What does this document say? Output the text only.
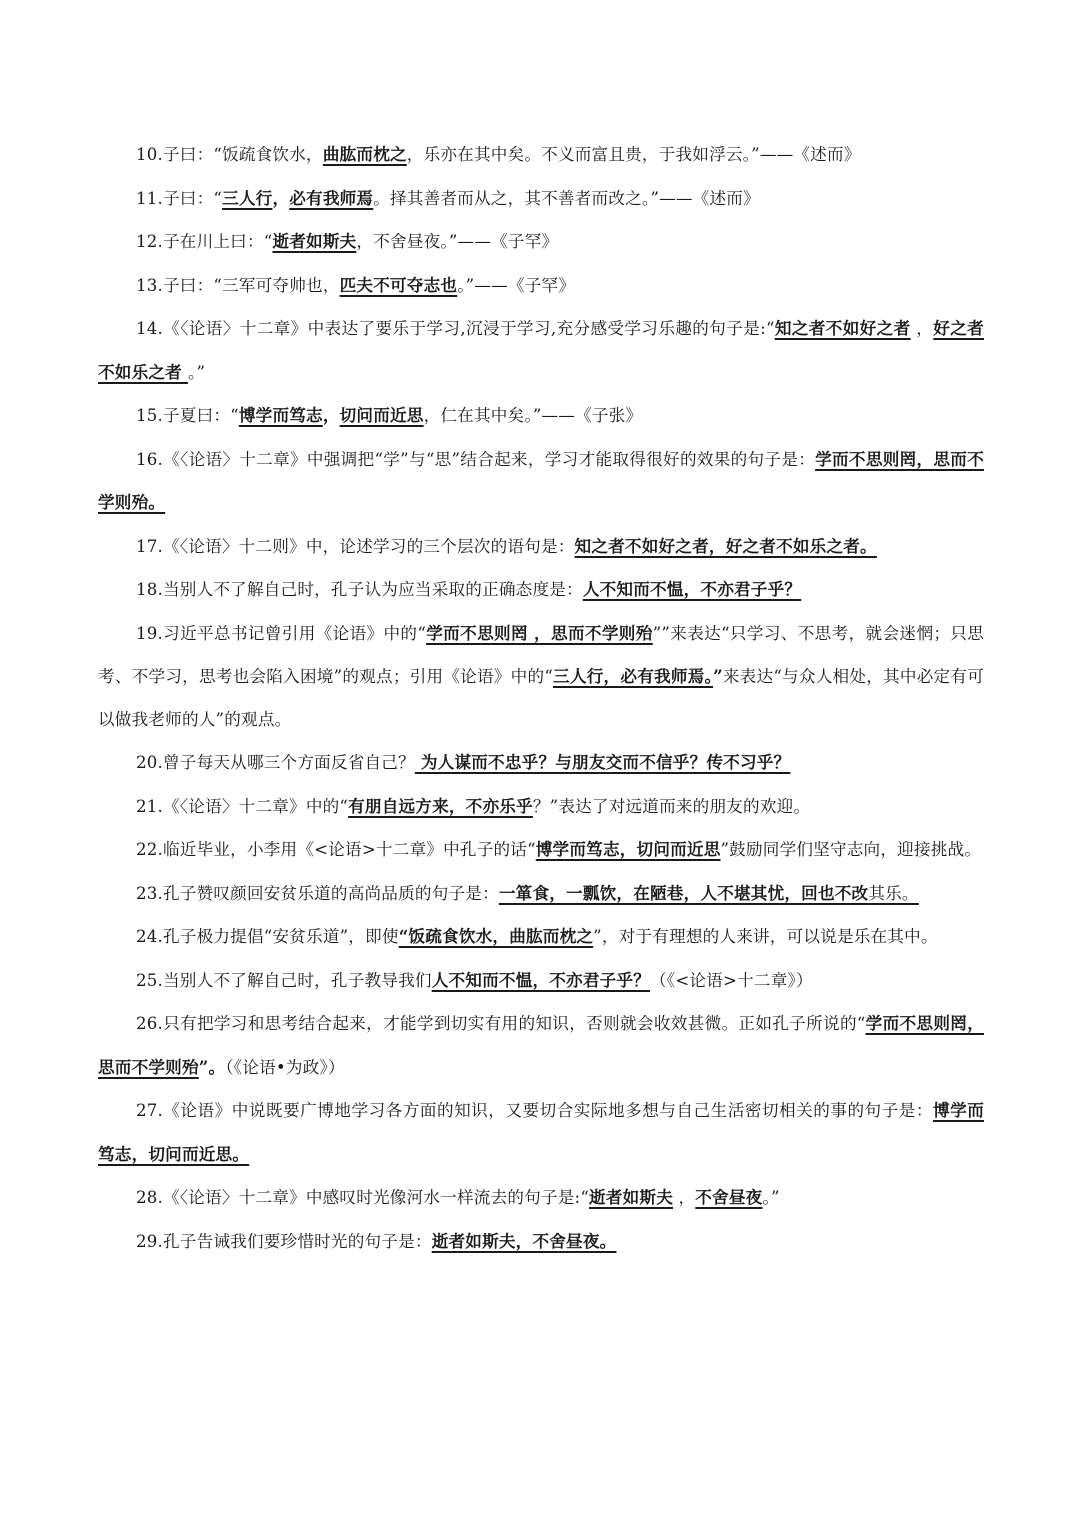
10.子曰：“饭疏食饮水，曲肱而枕之，乐亦在其中矣。不义而富且贵，于我如浮云。”——《述而》

11.子曰：“三人行，必有我师焉。择其善者而从之，其不善者而改之。”——《述而》

12.子在川上曰：“逝者如斯夫，不舍昼夜。”——《子罕》

13.子曰：“三军可夺帅也，匹夫不可夺志也。”——《子罕》

14.《〈论语〉十二章》中表达了要乐于学习,沉浸于学习,充分感受学习乐趣的句子是:“知之者不如好之者 ，好之者不如乐之者 。”

15.子夏曰：“博学而笃志，切问而近思，仁在其中矣。”——《子张》

16.《〈论语〉十二章》中强调把“学”与“思”结合起来，学习才能取得很好的效果的句子是：学而不思则罔，思而不学则殆。

17.《〈论语〉十二则》中，论述学习的三个层次的语句是：知之者不如好之者，好之者不如乐之者。

18.当别人不了解自己时，孔子认为应当采取的正确态度是：人不知而不愠，不亦君子乎？

19.习近平总书记曾引用《论语》中的“学而不思则罔 ，思而不学则殆””来表达“只学习、不思考，就会迷惘；只思考、不学习，思考也会陷入困境”的观点；引用《论语》中的“三人行，必有我师焉。”来表达“与众人相处，其中必定有可以做我老师的人”的观点。

20.曾子每天从哪三个方面反省自己？ 为人谋而不忠乎？与朋友交而不信乎？传不习乎？

21.《〈论语〉十二章》中的“有朋自远方来，不亦乐乎？”表达了对远道而来的朋友的欢迎。

22.临近毕业，小李用《<论语>十二章》中孔子的话“博学而笃志，切问而近思”鼓励同学们坚守志向，迎接挑战。

23.孔子赞叹颜回安贫乐道的高尚品质的句子是：一箪食，一瓢饮，在陋巷，人不堪其忧，回也不改其乐。

24.孔子极力提倡“安贫乐道”，即使“饭疏食饮水，曲肱而枕之”，对于有理想的人来讲，可以说是乐在其中。

25.当别人不了解自己时，孔子教导我们人不知而不愠，不亦君子乎？（《<论语>十二章》）

26.只有把学习和思考结合起来，才能学到切实有用的知识，否则就会收效甚微。正如孔子所说的“学而不思则罔，思而不学则殆”。（《论语•为政》）

27.《论语》中说既要广博地学习各方面的知识，又要切合实际地多想与自己生活密切相关的事的句子是：博学而笃志，切问而近思。

28.《〈论语〉十二章》中感叹时光像河水一样流去的句子是:“逝者如斯夫 ，不舍昼夜。”

29.孔子告诫我们要珍惜时光的句子是：逝者如斯夫，不舍昼夜。
